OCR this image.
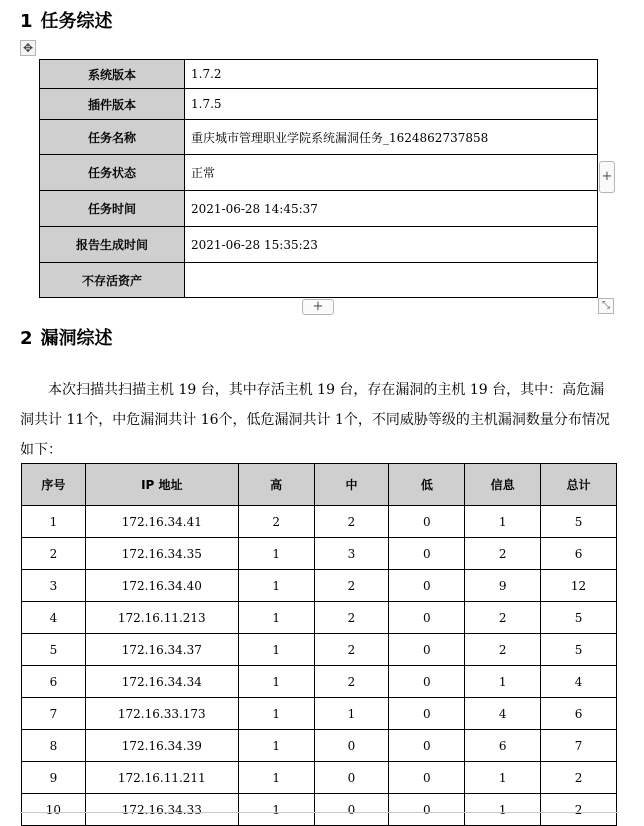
1 任务综述
✥
系统版本	1.7.2
插件版本	1.7.5
任务名称	重庆城市管理职业学院系统漏洞任务_1624862737858
任务状态	正常
任务时间	2021-06-28 14:45:37
报告生成时间	2021-06-28 15:35:23
不存活资产	
+
+	⤡
2 漏洞综述

本次扫描共扫描主机 19 台，其中存活主机 19 台，存在漏洞的主机 19 台，其中：高危漏洞共计 11个，中危漏洞共计 16个，低危漏洞共计 1个，不同威胁等级的主机漏洞数量分布情况如下：

序号	IP 地址	高	中	低	信息	总计
1	172.16.34.41	2	2	0	1	5
2	172.16.34.35	1	3	0	2	6
3	172.16.34.40	1	2	0	9	12
4	172.16.11.213	1	2	0	2	5
5	172.16.34.37	1	2	0	2	5
6	172.16.34.34	1	2	0	1	4
7	172.16.33.173	1	1	0	4	6
8	172.16.34.39	1	0	0	6	7
9	172.16.11.211	1	0	0	1	2
10	172.16.34.33	1	0	0	1	2
